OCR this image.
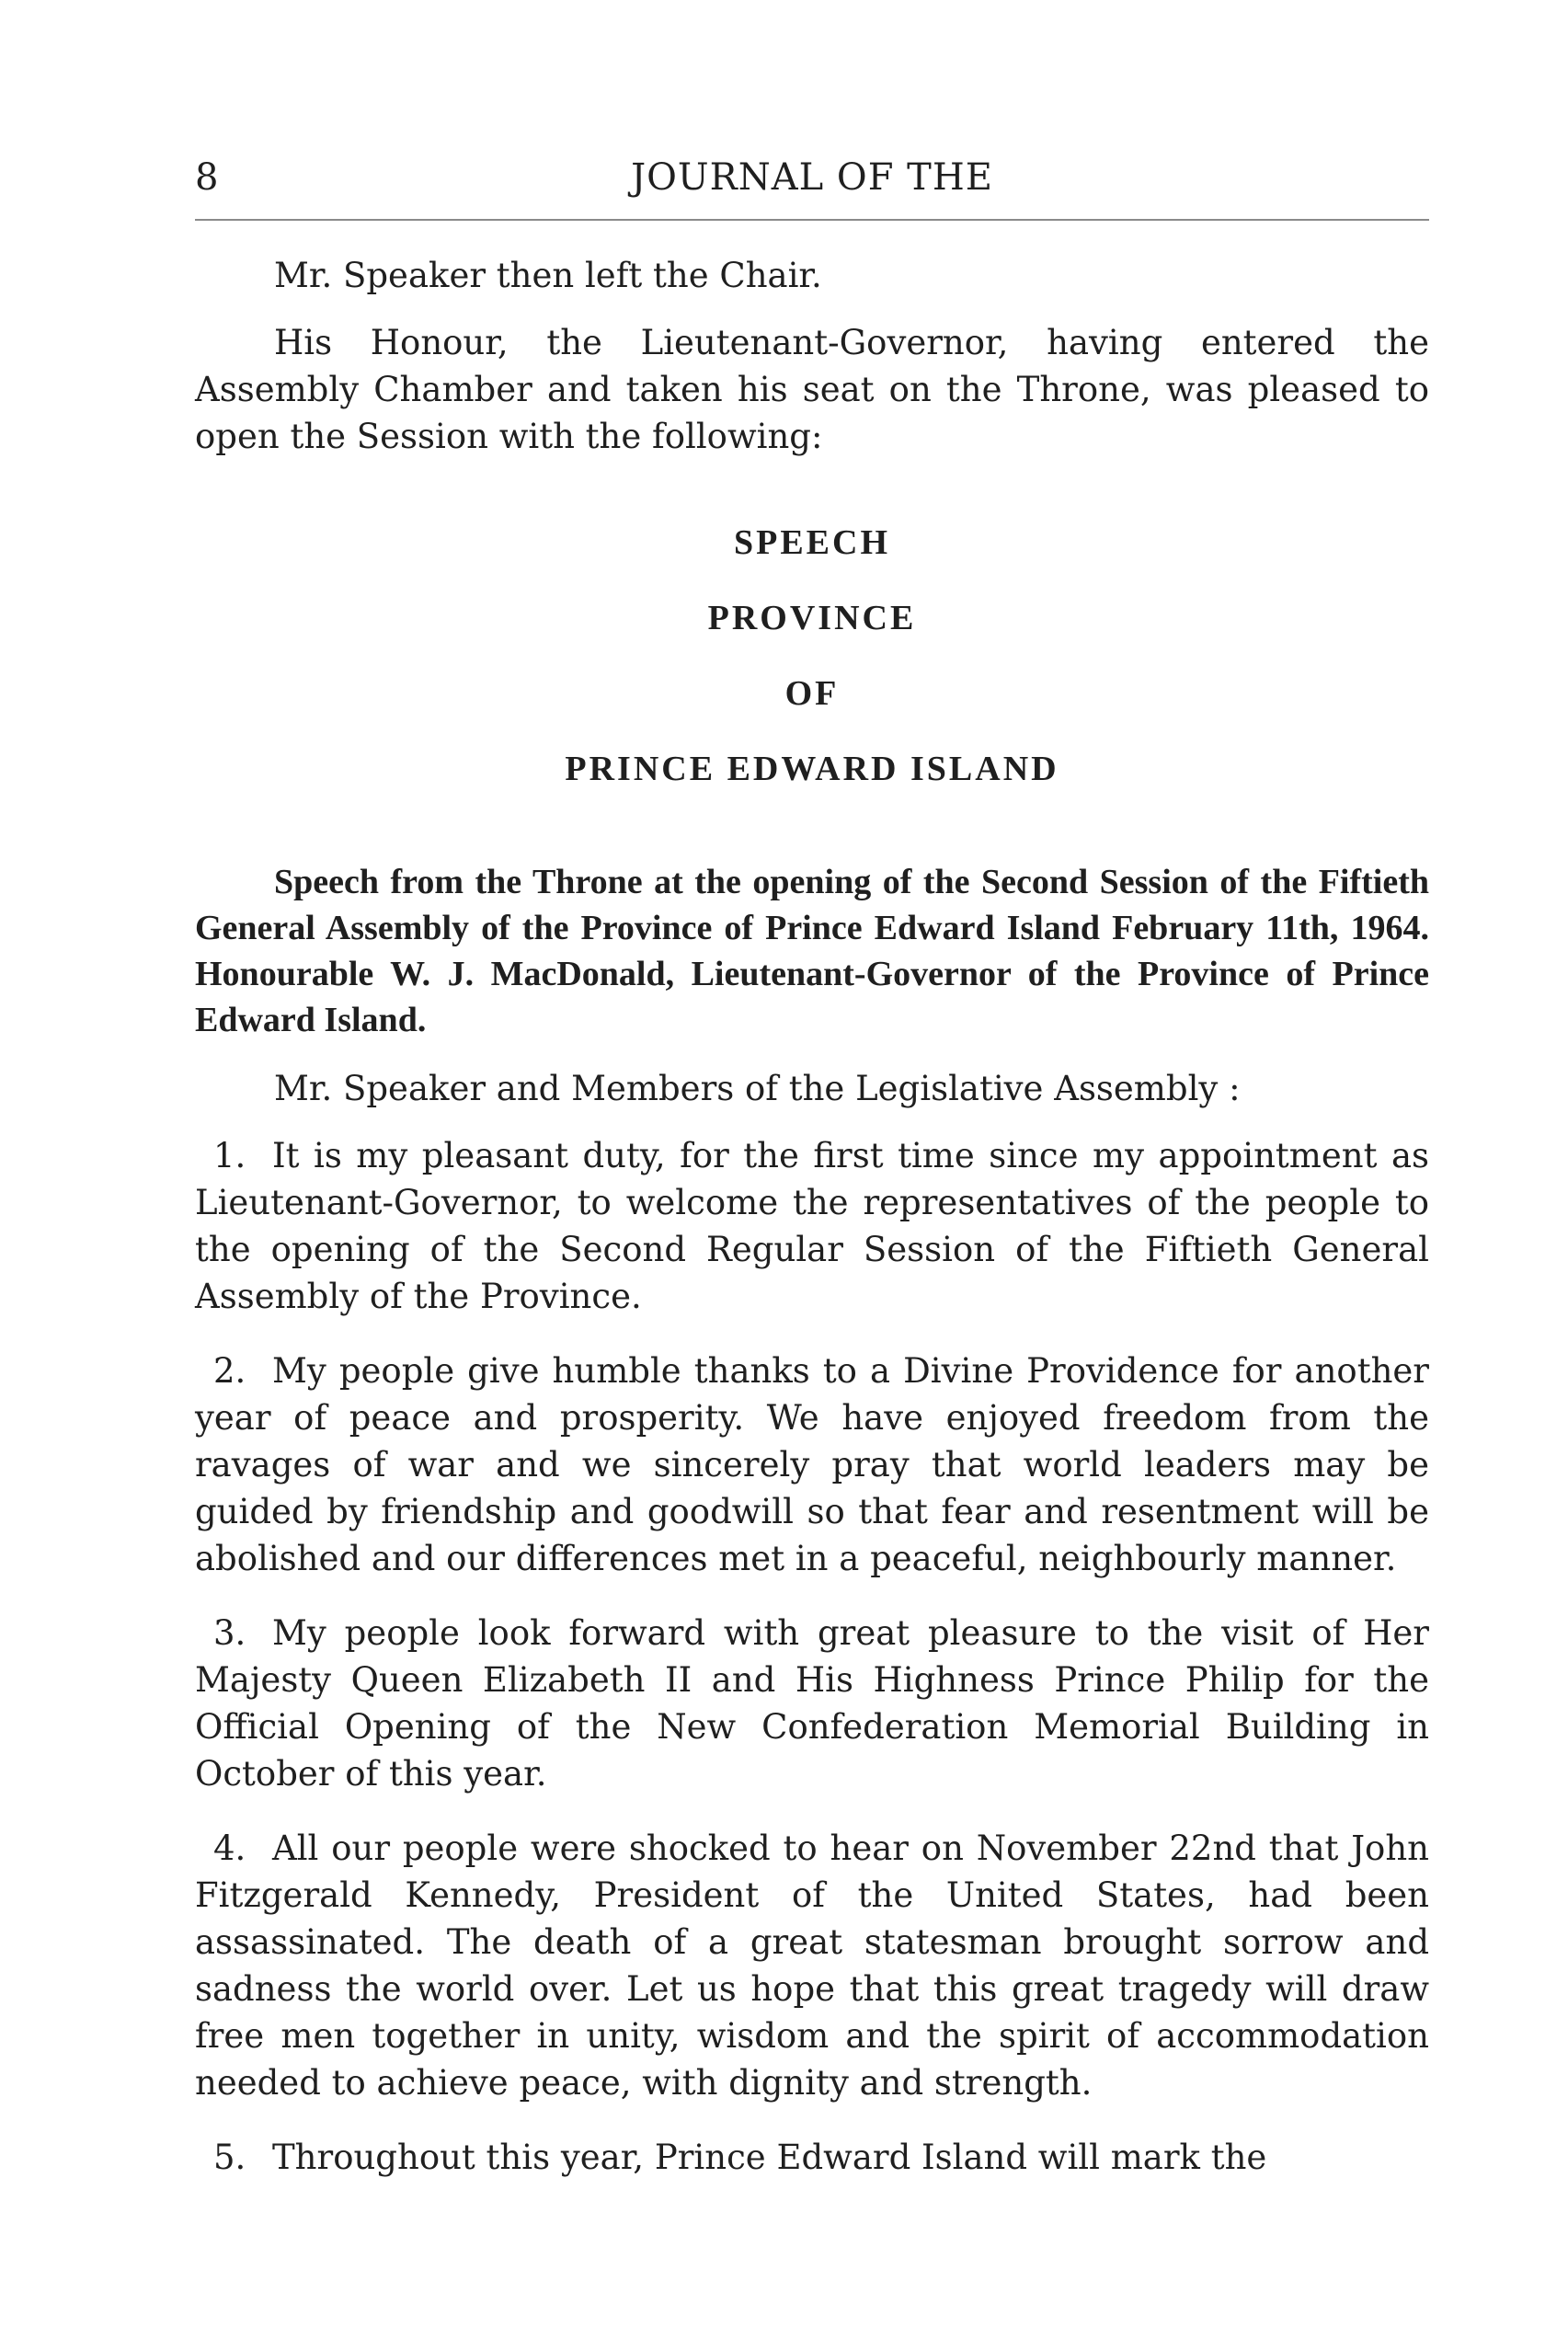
8	JOURNAL OF THE

Mr. Speaker then left the Chair.

His Honour, the Lieutenant-Governor, having entered the Assembly Chamber and taken his seat on the Throne, was pleased to open the Session with the following:

SPEECH
PROVINCE
OF
PRINCE EDWARD ISLAND

Speech from the Throne at the opening of the Second Session of the Fiftieth General Assembly of the Province of Prince Edward Island February 11th, 1964. Honourable W. J. MacDonald, Lieutenant-Governor of the Province of Prince Edward Island.

Mr. Speaker and Members of the Legislative Assembly :

1. It is my pleasant duty, for the first time since my appointment as Lieutenant-Governor, to welcome the representatives of the people to the opening of the Second Regular Session of the Fiftieth General Assembly of the Province.

2. My people give humble thanks to a Divine Providence for another year of peace and prosperity. We have enjoyed freedom from the ravages of war and we sincerely pray that world leaders may be guided by friendship and goodwill so that fear and resentment will be abolished and our differences met in a peaceful, neighbourly manner.

3. My people look forward with great pleasure to the visit of Her Majesty Queen Elizabeth II and His Highness Prince Philip for the Official Opening of the New Confederation Memorial Building in October of this year.

4. All our people were shocked to hear on November 22nd that John Fitzgerald Kennedy, President of the United States, had been assassinated. The death of a great statesman brought sorrow and sadness the world over. Let us hope that this great tragedy will draw free men together in unity, wisdom and the spirit of accommodation needed to achieve peace, with dignity and strength.

5. Throughout this year, Prince Edward Island will mark the
